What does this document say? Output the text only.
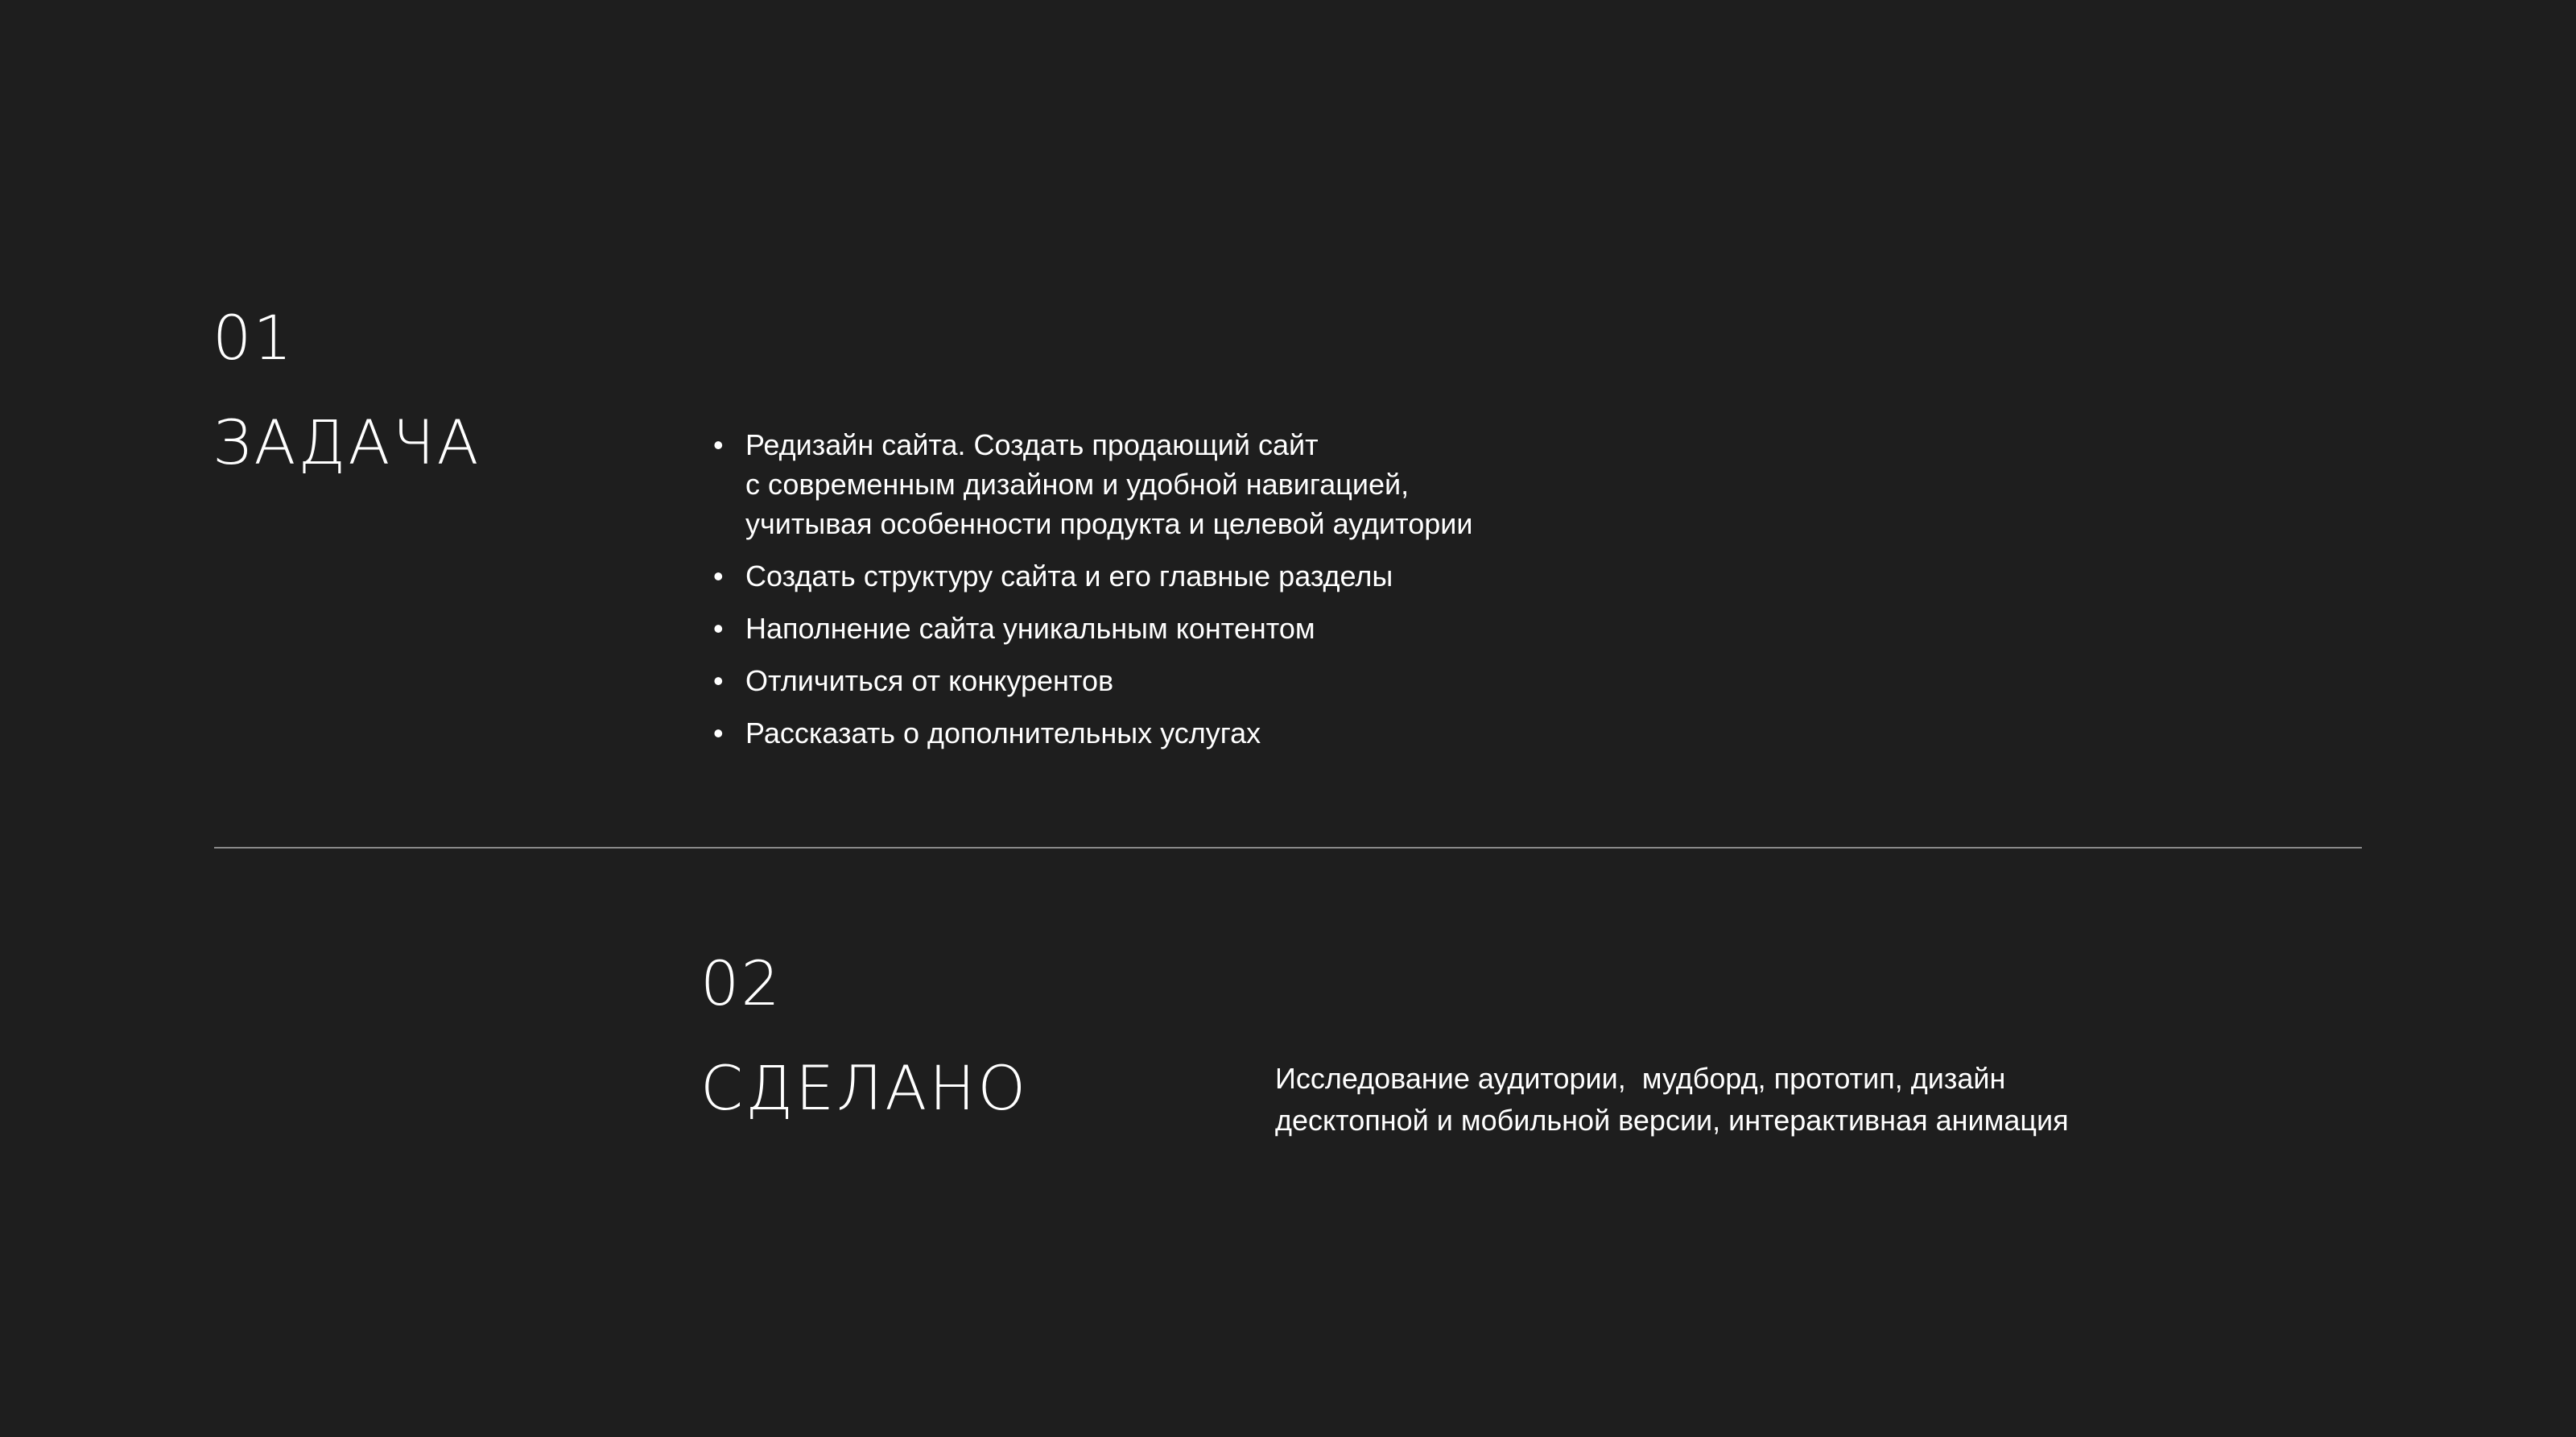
01
ЗАДАЧА	• Редизайн сайта. Создать продающий сайт
с современным дизайном и удобной навигацией,
учитывая особенности продукта и целевой аудитории
• Создать структуру сайта и его главные разделы
• Наполнение сайта уникальным контентом
• Отличиться от конкурентов
• Рассказать о дополнительных услугах
02
СДЕЛАНО	Исследование аудитории,  мудборд, прототип, дизайн
десктопной и мобильной версии, интерактивная анимация
